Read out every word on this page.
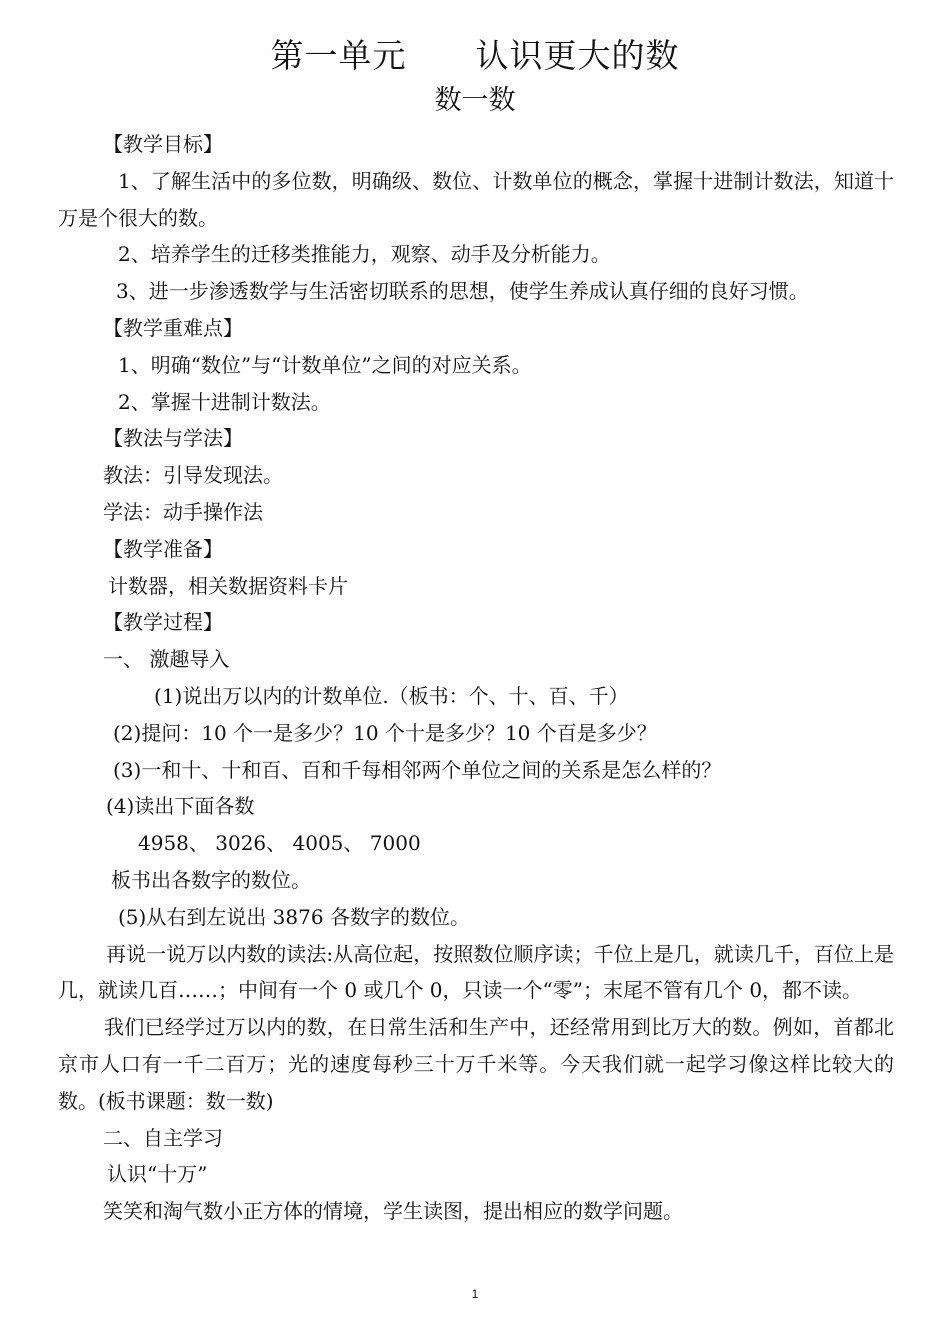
第一单元      认识更大的数
数一数
【教学目标】
1、了解生活中的多位数，明确级、数位、计数单位的概念，掌握十进制计数法，知道十万是个很大的数。
2、培养学生的迁移类推能力，观察、动手及分析能力。
3、进一步渗透数学与生活密切联系的思想，使学生养成认真仔细的良好习惯。
【教学重难点】
1、明确“数位”与“计数单位”之间的对应关系。
2、掌握十进制计数法。
【教法与学法】
教法：引导发现法。
学法：动手操作法
【教学准备】
计数器，相关数据资料卡片
【教学过程】
一、 激趣导入
(1)说出万以内的计数单位.（板书：个、十、百、千）
(2)提问：10 个一是多少？10 个十是多少？10 个百是多少？
(3)一和十、十和百、百和千每相邻两个单位之间的关系是怎么样的？
(4)读出下面各数
4958、 3026、 4005、 7000
板书出各数字的数位。
(5)从右到左说出 3876 各数字的数位。
再说一说万以内数的读法:从高位起，按照数位顺序读；千位上是几，就读几千，百位上是几，就读几百……；中间有一个 0 或几个 0，只读一个“零”；末尾不管有几个 0，都不读。
我们已经学过万以内的数，在日常生活和生产中，还经常用到比万大的数。例如，首都北京市人口有一千二百万；光的速度每秒三十万千米等。今天我们就一起学习像这样比较大的数。(板书课题：数一数)
二、自主学习
认识“十万”
笑笑和淘气数小正方体的情境，学生读图，提出相应的数学问题。
1
